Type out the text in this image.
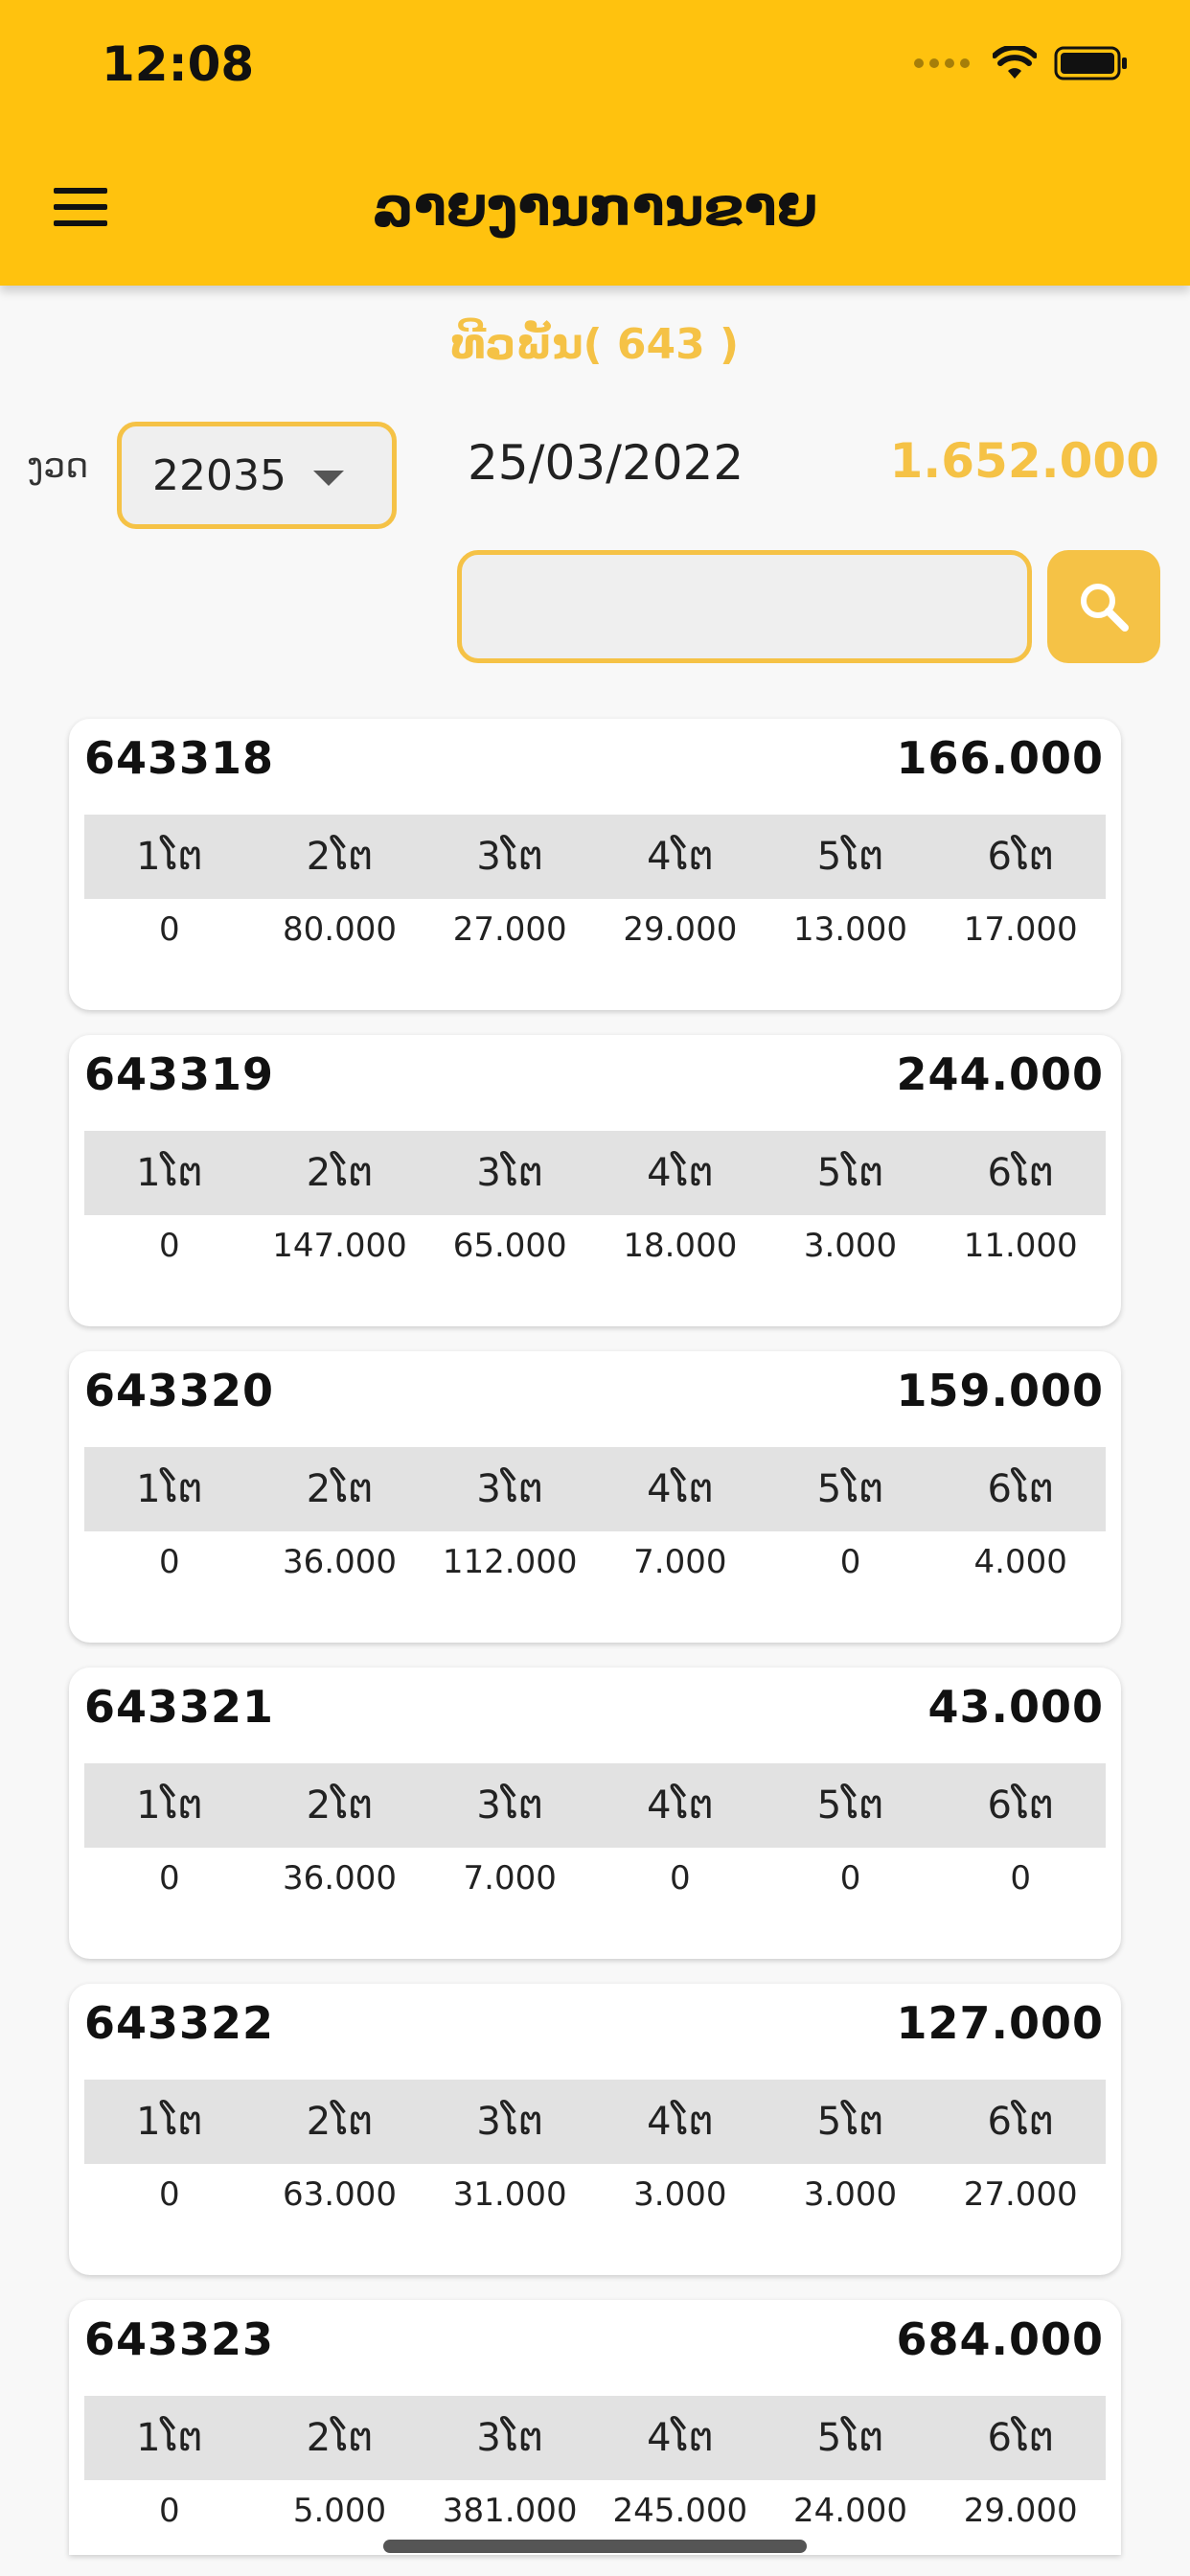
12:08
ລາຍງານການຂາຍ
ທີວພັນ( 643 )
ງວດ 22035	25/03/2022	1.652.000
643318	166.000
1ໂຕ	2ໂຕ	3ໂຕ	4ໂຕ	5ໂຕ	6ໂຕ
0	80.000	27.000	29.000	13.000	17.000
643319	244.000
1ໂຕ	2ໂຕ	3ໂຕ	4ໂຕ	5ໂຕ	6ໂຕ
0	147.000	65.000	18.000	3.000	11.000
643320	159.000
1ໂຕ	2ໂຕ	3ໂຕ	4ໂຕ	5ໂຕ	6ໂຕ
0	36.000	112.000	7.000	0	4.000
643321	43.000
1ໂຕ	2ໂຕ	3ໂຕ	4ໂຕ	5ໂຕ	6ໂຕ
0	36.000	7.000	0	0	0
643322	127.000
1ໂຕ	2ໂຕ	3ໂຕ	4ໂຕ	5ໂຕ	6ໂຕ
0	63.000	31.000	3.000	3.000	27.000
643323	684.000
1ໂຕ	2ໂຕ	3ໂຕ	4ໂຕ	5ໂຕ	6ໂຕ
0	5.000	381.000	245.000	24.000	29.000
